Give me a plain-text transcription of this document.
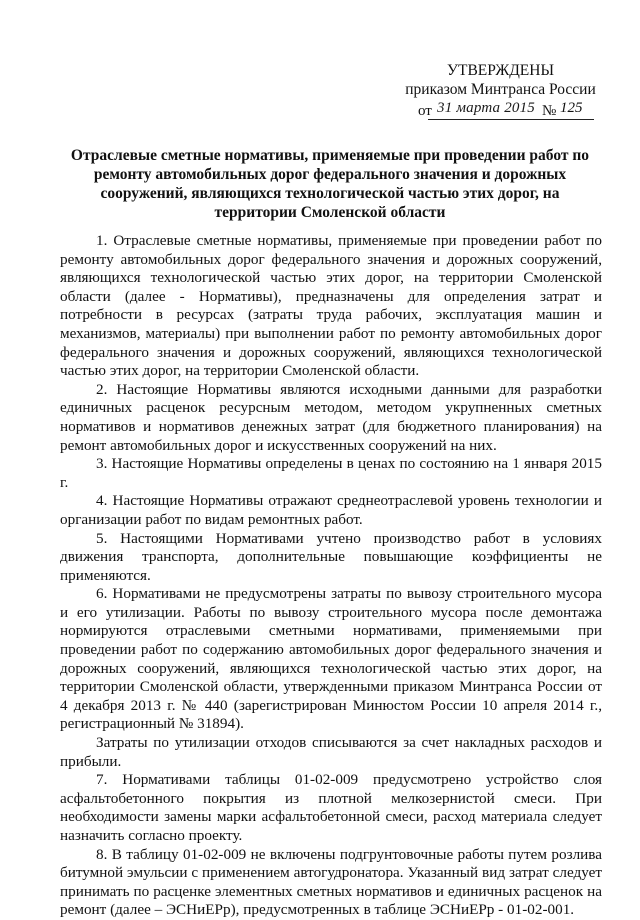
УТВЕРЖДЕНЫ
приказом Минтранса России
от 31 марта 2015 № 125
Отраслевые сметные нормативы, применяемые при проведении работ по ремонту автомобильных дорог федерального значения и дорожных сооружений, являющихся технологической частью этих дорог, на территории Смоленской области

1. Отраслевые сметные нормативы, применяемые при проведении работ по ремонту автомобильных дорог федерального значения и дорожных сооружений, являющихся технологической частью этих дорог, на территории Смоленской области (далее - Нормативы), предназначены для определения затрат и потребности в ресурсах (затраты труда рабочих, эксплуатация машин и механизмов, материалы) при выполнении работ по ремонту автомобильных дорог федерального значения и дорожных сооружений, являющихся технологической частью этих дорог, на территории Смоленской области.

2. Настоящие Нормативы являются исходными данными для разработки единичных расценок ресурсным методом, методом укрупненных сметных нормативов и нормативов денежных затрат (для бюджетного планирования) на ремонт автомобильных дорог и искусственных сооружений на них.

3. Настоящие Нормативы определены в ценах по состоянию на 1 января 2015 г.

4. Настоящие Нормативы отражают среднеотраслевой уровень технологии и организации работ по видам ремонтных работ.

5. Настоящими Нормативами учтено производство работ в условиях движения транспорта, дополнительные повышающие коэффициенты не применяются.

6. Нормативами не предусмотрены затраты по вывозу строительного мусора и его утилизации. Работы по вывозу строительного мусора после демонтажа нормируются отраслевыми сметными нормативами, применяемыми при проведении работ по содержанию автомобильных дорог федерального значения и дорожных сооружений, являющихся технологической частью этих дорог, на территории Смоленской области, утвержденными приказом Минтранса России от 4 декабря 2013 г. № 440 (зарегистрирован Минюстом России 10 апреля 2014 г., регистрационный № 31894).

Затраты по утилизации отходов списываются за счет накладных расходов и прибыли.

7. Нормативами таблицы 01-02-009 предусмотрено устройство слоя асфальтобетонного покрытия из плотной мелкозернистой смеси. При необходимости замены марки асфальтобетонной смеси, расход материала следует назначить согласно проекту.

8. В таблицу 01-02-009 не включены подгрунтовочные работы путем розлива битумной эмульсии с применением автогудронатора. Указанный вид затрат следует принимать по расценке элементных сметных нормативов и единичных расценок на ремонт (далее – ЭСНиЕРр), предусмотренных в таблице ЭСНиЕРр - 01-02-001.
